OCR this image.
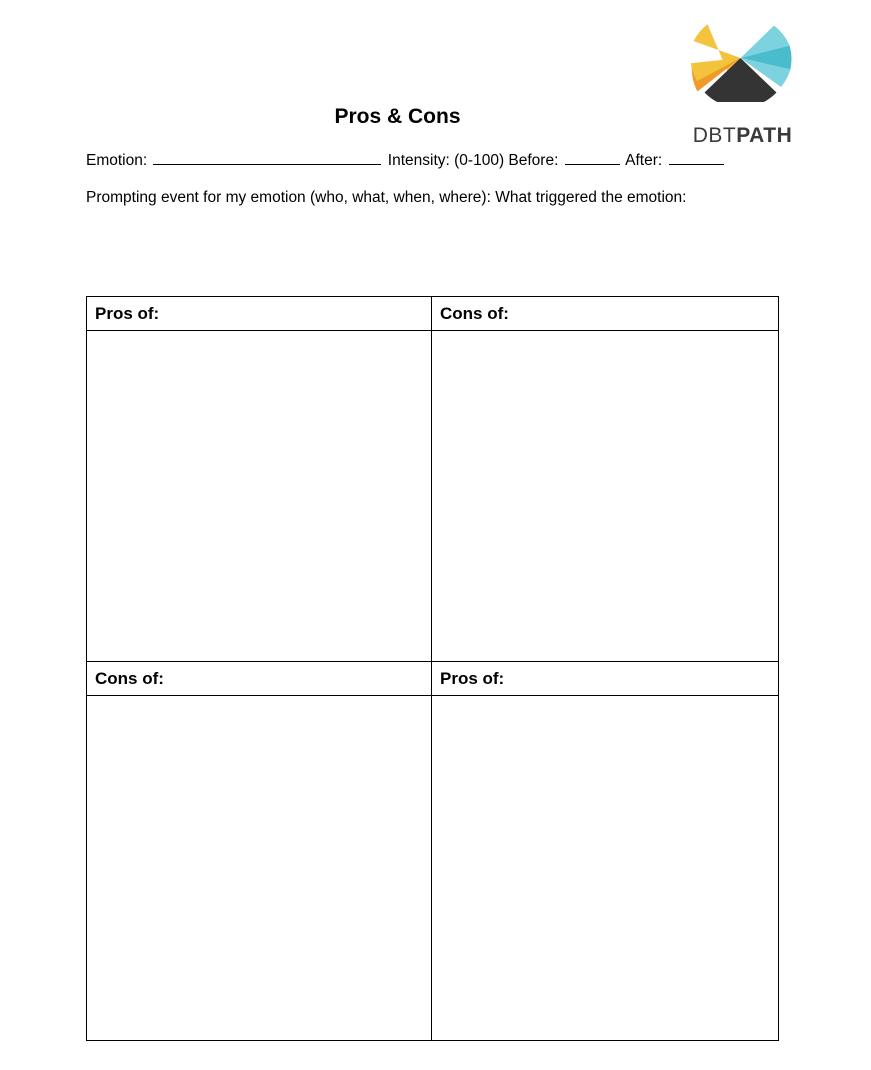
DBTPATH
Pros & Cons
Emotion:	Intensity: (0-100) Before:	After:
Prompting event for my emotion (who, what, when, where): What triggered the emotion:
Pros of:	Cons of:

Cons of:	Pros of:
